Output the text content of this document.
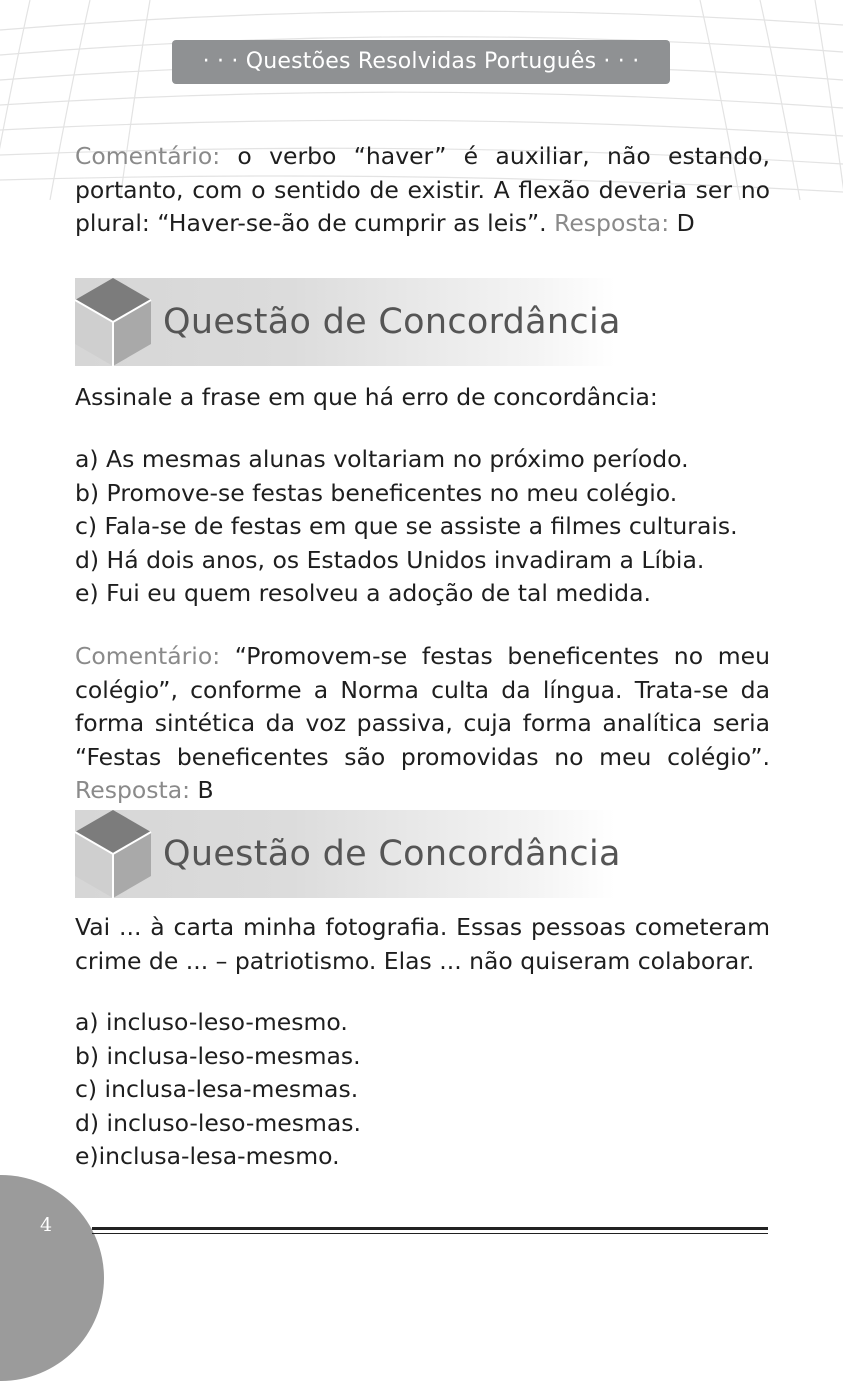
· · · Questões Resolvidas Português · · ·

Comentário: o verbo “haver” é auxiliar, não estando, portanto, com o sentido de existir. A flexão deveria ser no plural: “Haver-se-ão de cumprir as leis”. Resposta: D

Questão de Concordância

Assinale a frase em que há erro de concordância:

a) As mesmas alunas voltariam no próximo período.
b) Promove-se festas beneficentes no meu colégio.
c) Fala-se de festas em que se assiste a filmes culturais.
d) Há dois anos, os Estados Unidos invadiram a Líbia.
e) Fui eu quem resolveu a adoção de tal medida.

Comentário: “Promovem-se festas beneficentes no meu colégio”, conforme a Norma culta da língua. Trata-se da forma sintética da voz passiva, cuja forma analítica seria “Festas beneficentes são promovidas no meu colégio”. Resposta: B

Questão de Concordância

Vai ... à carta minha fotografia. Essas pessoas cometeram crime de ... – patriotismo. Elas ... não quiseram colaborar.

a) incluso-leso-mesmo.
b) inclusa-leso-mesmas.
c) inclusa-lesa-mesmas.
d) incluso-leso-mesmas.
e)inclusa-lesa-mesmo.
4
